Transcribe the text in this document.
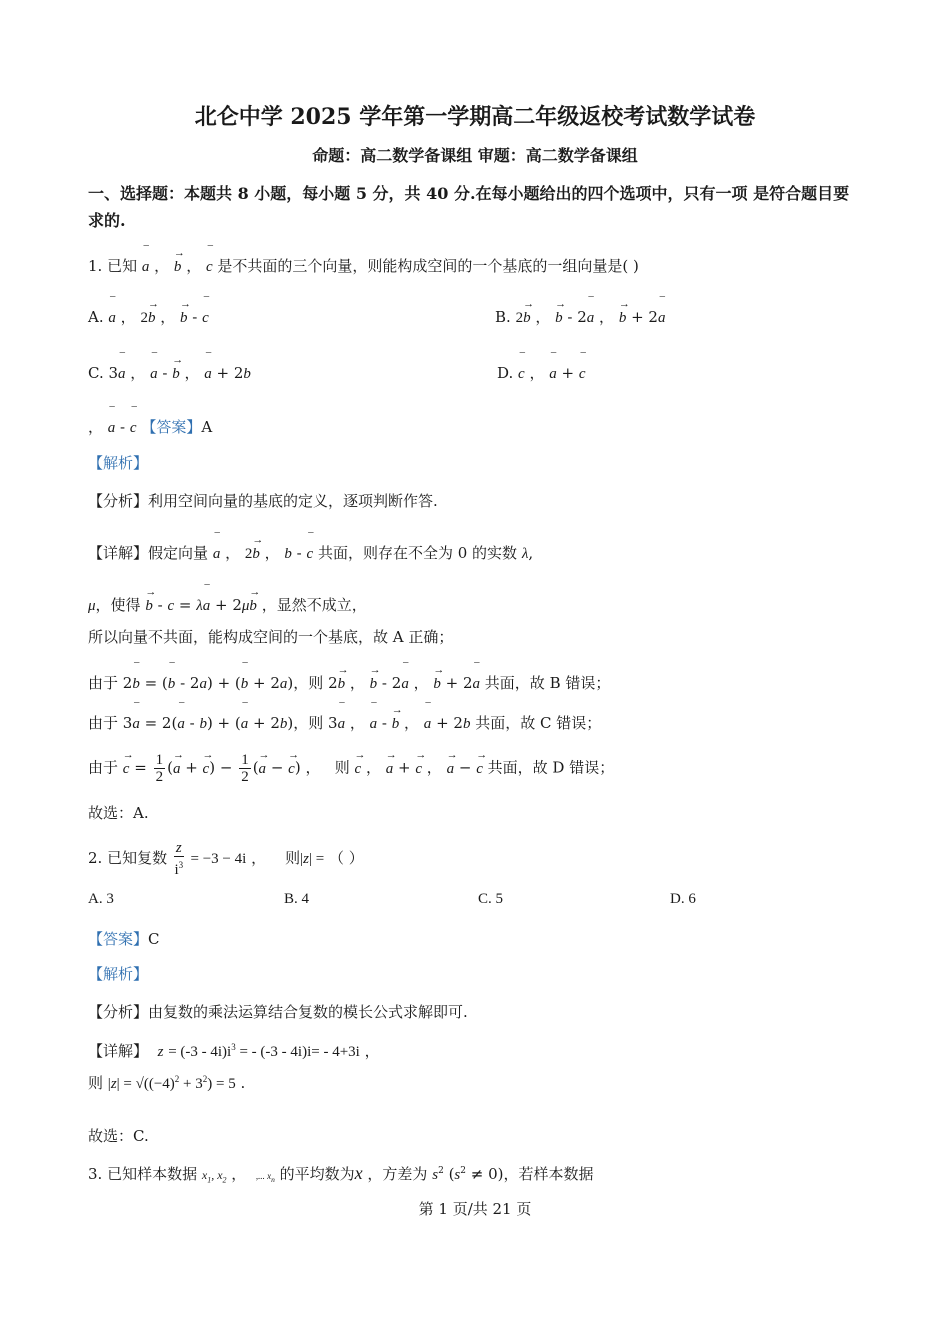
北仑中学 2025 学年第一学期高二年级返校考试数学试卷
命题：高二数学备课组 审题：高二数学备课组
一、选择题：本题共 8 小题，每小题 5 分，共 40 分.在每小题给出的四个选项中，只有一项 是符合题目要求的.
1. 已知 ‾ a ， → b ， ‾ c 是不共面的三个向量，则能构成空间的一个基底的一组向量是( )
A. ‾ a ， 2→ b ， → b - ‾ c	B. 2→ b ， → b - 2‾ a ， → b + 2‾ a
C. 3‾ a ， ‾ a - → b ， ‾ a + 2b	D. ‾ c ， ‾ a + ‾ c
， ‾ a - ‾ c 【答案】A
【解析】
【分析】利用空间向量的基底的定义，逐项判断作答.
【详解】假定向量 ‾ a ， 2→ b ， b - ‾ c 共面，则存在不全为 0 的实数 λ,
μ，使得 → b - c = λ‾ a + 2μ→ b ，显然不成立，
所以向量不共面，能构成空间的一个基底，故 A 正确；
由于 2‾ b = (‾ b - 2a) + (‾ b + 2a)，则 2→ b ， → b - 2‾ a ， → b + 2‾ a 共面，故 B 错误；
由于 3‾ a = 2(‾ a - b) + (‾ a + 2b)，则 3‾ a ， ‾ a - → b ， ‾ a + 2b 共面，故 C 错误；
由于 → $c = \frac{1}{2}$ (→ a + → $c) - \frac{1}{2}$ (→ a − → c) ，   则 → c ， → a + → c ， → a − → c 共面，故 D 错误；
故选：A.
2. 已知复数 $\frac{z}{i^3} = -3 - 4i$ ，    则|z| = （ ）
A. 3	B. 4	C. 5	D. 6
【答案】C
【解析】
【分析】由复数的乘法运算结合复数的模长公式求解即可.
【详解】 $z = (-3 - 4i)i^3$ = - (-3 - 4i)i= - 4+3i ，
则 $|z| = √((-4)^2 + 3^2) = 5$ .
故选：C.
3. 已知样本数据 $x_1$, $x_2$ ，  ,... $x_n$ 的平均数为x ，方差为 $s^2$ $(s^2 \ne 0)$，若样本数据
第 1 页/共 21 页
